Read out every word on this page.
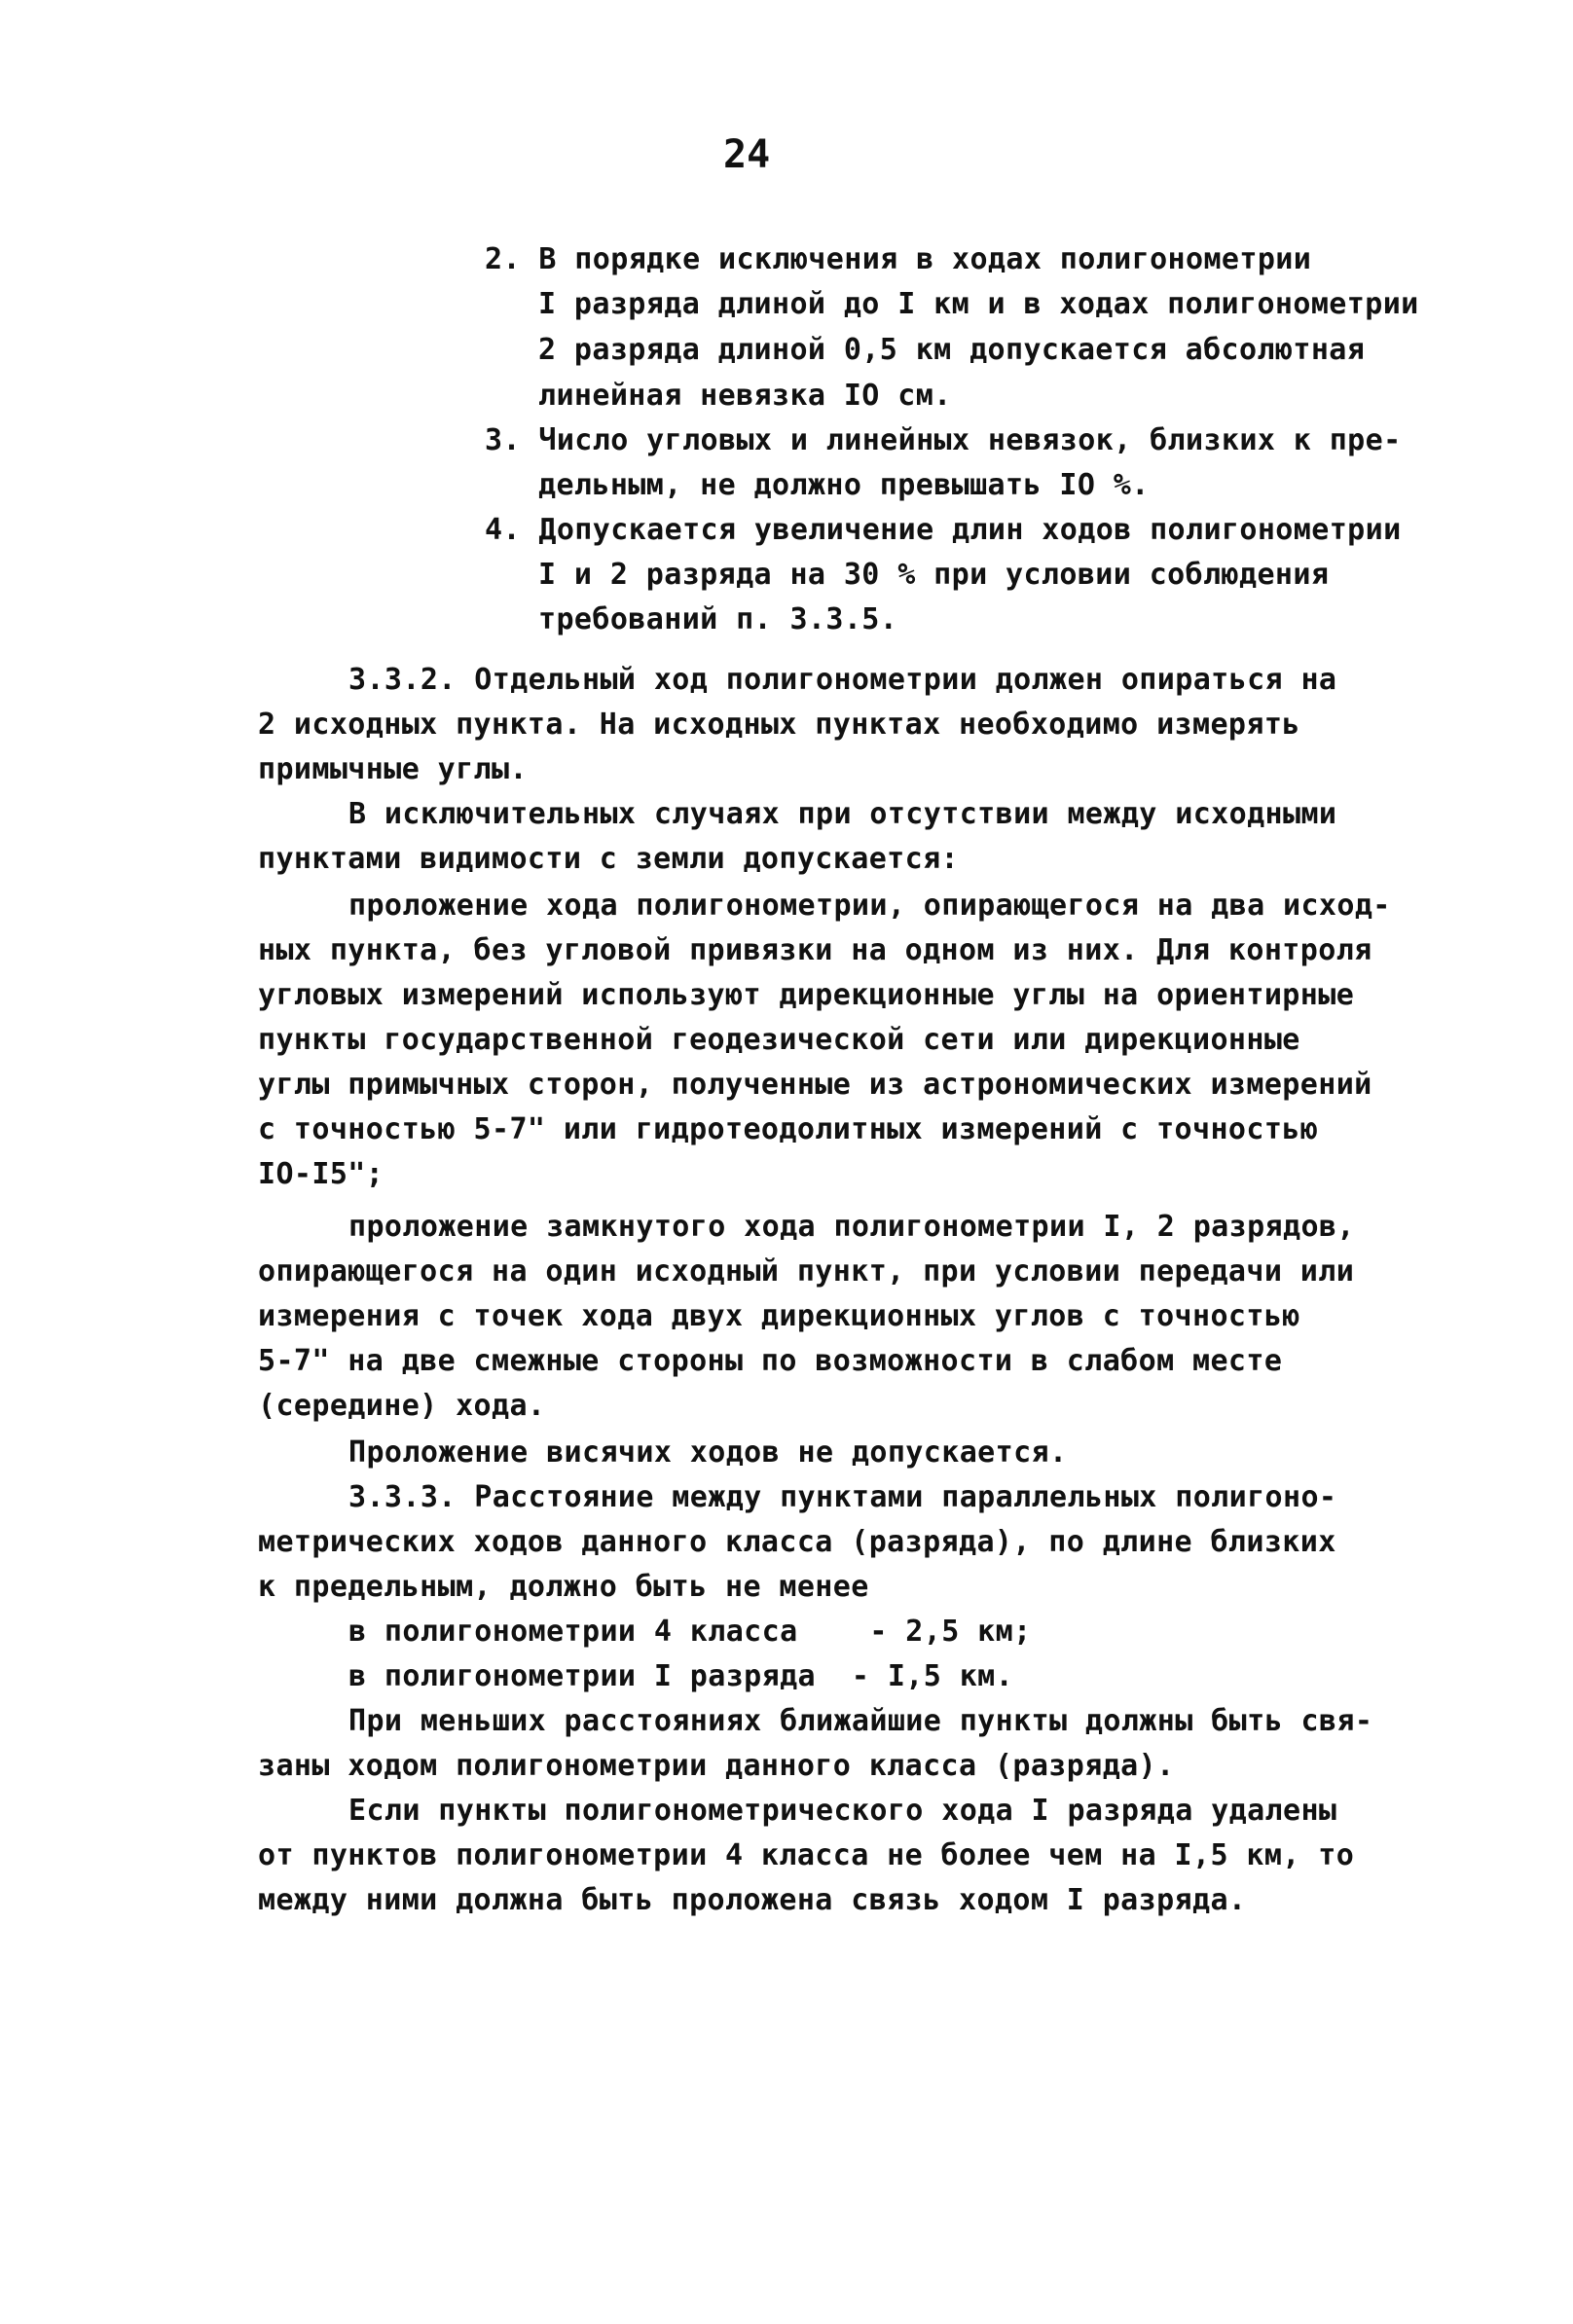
24
2. В порядке исключения в ходах полигонометрии
I разряда длиной до I км и в ходах полигонометрии
2 разряда длиной 0,5 км допускается абсолютная
линейная невязка IO см.
3. Число угловых и линейных невязок, близких к пре-
дельным, не должно превышать IO %.
4. Допускается увеличение длин ходов полигонометрии
I и 2 разряда на 30 % при условии соблюдения
требований п. 3.3.5.
3.3.2. Отдельный ход полигонометрии должен опираться на
2 исходных пункта. На исходных пунктах необходимо измерять
примычные углы.
В исключительных случаях при отсутствии между исходными
пунктами видимости с земли допускается:
проложение хода полигонометрии, опирающегося на два исход-
ных пункта, без угловой привязки на одном из них. Для контроля
угловых измерений используют дирекционные углы на ориентирные
пункты государственной геодезической сети или дирекционные
углы примычных сторон, полученные из астрономических измерений
с точностью 5-7" или гидротеодолитных измерений с точностью
IO-I5";
проложение замкнутого хода полигонометрии I, 2 разрядов,
опирающегося на один исходный пункт, при условии передачи или
измерения с точек хода двух дирекционных углов с точностью
5-7" на две смежные стороны по возможности в слабом месте
(середине) хода.
Проложение висячих ходов не допускается.
3.3.3. Расстояние между пунктами параллельных полигоно-
метрических ходов данного класса (разряда), по длине близких
к предельным, должно быть не менее
в полигонометрии 4 класса    - 2,5 км;
в полигонометрии I разряда  - I,5 км.
При меньших расстояниях ближайшие пункты должны быть свя-
заны ходом полигонометрии данного класса (разряда).
Если пункты полигонометрического хода I разряда удалены
от пунктов полигонометрии 4 класса не более чем на I,5 км, то
между ними должна быть проложена связь ходом I разряда.
